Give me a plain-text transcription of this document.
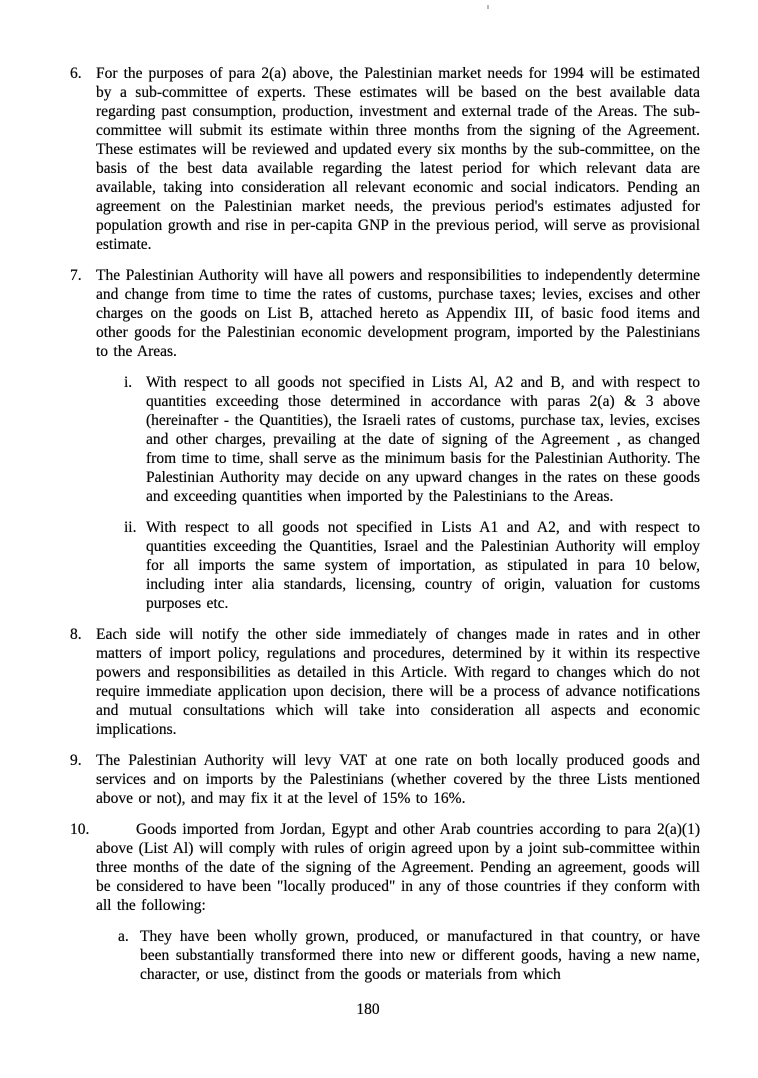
6. For the purposes of para 2(a) above, the Palestinian market needs for 1994 will be estimated by a sub-committee of experts. These estimates will be based on the best available data regarding past consumption, production, investment and external trade of the Areas. The sub-committee will submit its estimate within three months from the signing of the Agreement. These estimates will be reviewed and updated every six months by the sub-committee, on the basis of the best data available regarding the latest period for which relevant data are available, taking into consideration all relevant economic and social indicators. Pending an agreement on the Palestinian market needs, the previous period's estimates adjusted for population growth and rise in per-capita GNP in the previous period, will serve as provisional estimate.
7. The Palestinian Authority will have all powers and responsibilities to independently determine and change from time to time the rates of customs, purchase taxes; levies, excises and other charges on the goods on List B, attached hereto as Appendix III, of basic food items and other goods for the Palestinian economic development program, imported by the Palestinians to the Areas.
i. With respect to all goods not specified in Lists Al, A2 and B, and with respect to quantities exceeding those determined in accordance with paras 2(a) & 3 above (hereinafter - the Quantities), the Israeli rates of customs, purchase tax, levies, excises and other charges, prevailing at the date of signing of the Agreement , as changed from time to time, shall serve as the minimum basis for the Palestinian Authority. The Palestinian Authority may decide on any upward changes in the rates on these goods and exceeding quantities when imported by the Palestinians to the Areas.
ii. With respect to all goods not specified in Lists A1 and A2, and with respect to quantities exceeding the Quantities, Israel and the Palestinian Authority will employ for all imports the same system of importation, as stipulated in para 10 below, including inter alia standards, licensing, country of origin, valuation for customs purposes etc.
8. Each side will notify the other side immediately of changes made in rates and in other matters of import policy, regulations and procedures, determined by it within its respective powers and responsibilities as detailed in this Article. With regard to changes which do not require immediate application upon decision, there will be a process of advance notifications and mutual consultations which will take into consideration all aspects and economic implications.
9. The Palestinian Authority will levy VAT at one rate on both locally produced goods and services and on imports by the Palestinians (whether covered by the three Lists mentioned above or not), and may fix it at the level of 15% to 16%.
10.	Goods imported from Jordan, Egypt and other Arab countries according to para 2(a)(1) above (List Al) will comply with rules of origin agreed upon by a joint sub-committee within three months of the date of the signing of the Agreement. Pending an agreement, goods will be considered to have been "locally produced" in any of those countries if they conform with all the following:
a. They have been wholly grown, produced, or manufactured in that country, or have been substantially transformed there into new or different goods, having a new name, character, or use, distinct from the goods or materials from which
180
